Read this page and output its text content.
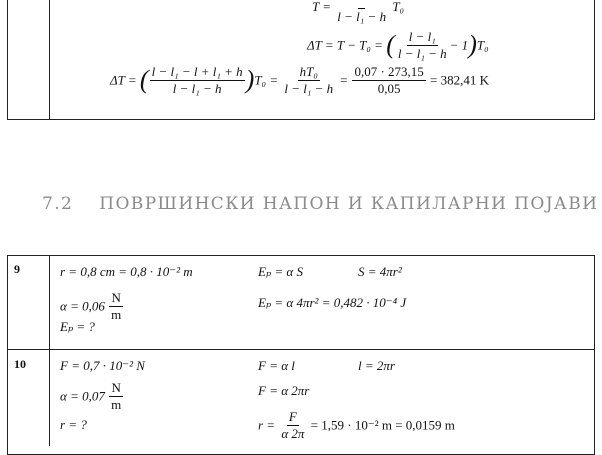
T =

l − l₁ − h
T₀
ΔT = T − T₀ = ( $\frac{\text{l − l₁}}{\text{l − l₁ − h}} - 1)T_0$
ΔT = ( $\frac{\text{l − l₁ − l + l₁ + h}}{\text{l − l₁ − h}} )T_0 = \frac{\text{hT₀}}{\text{l − l₁ − h}} = \frac{0,07 \cdot 273,15}{0,05} = 382,41$ K
7.2 ПОВРШИНСКИ НАПОН И КАПИЛАРНИ ПОЈАВИ
9	r = 0,8 cm = 0,8 · 10⁻² m
$\alpha = 0,06 \frac{N}{m}$
Eₚ = ?
Eₚ = α S	S = 4πr²
Eₚ = α 4πr² = 0,482 · 10⁻⁴ J
10	F = 0,7 · 10⁻² N
$\alpha = 0,07 \frac{N}{m}$
r = ?
F = α l	l = 2πr
F = α 2πr
$r = \frac{F}{\alpha 2\pi} = 1,59 \cdot 10^{-2}$ m = 0,0159 m
